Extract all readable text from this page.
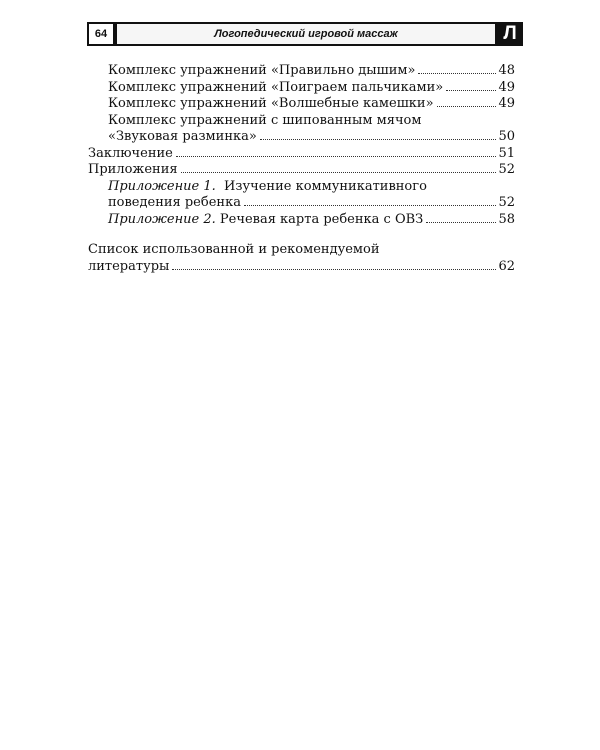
64	Логопедический игровой массаж	Л
Комплекс упражнений «Правильно дышим»	48
Комплекс упражнений «Поиграем пальчиками»	49
Комплекс упражнений «Волшебные камешки»	49
Комплекс упражнений с шипованным мячом
«Звуковая разминка»	50
Заключение	51
Приложения	52
Приложение 1. Изучение коммуникативного
поведения ребенка	52
Приложение 2.
Речевая карта ребенка с ОВЗ	58
Список использованной и рекомендуемой
литературы	62
